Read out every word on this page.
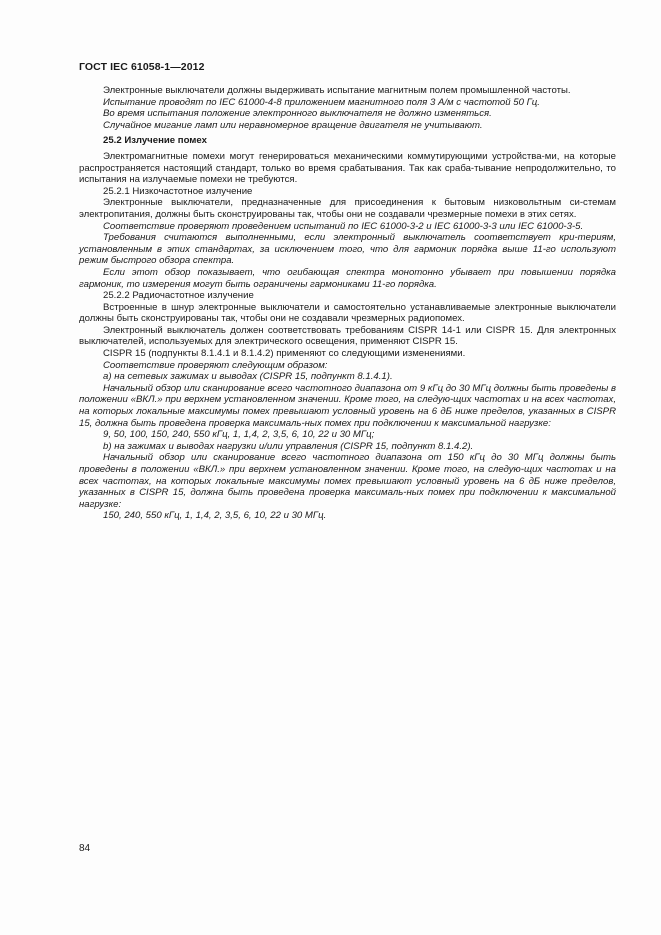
ГОСТ IEC 61058-1—2012

Электронные выключатели должны выдерживать испытание магнитным полем промышленной частоты.

Испытание проводят по IEC 61000-4-8 приложением магнитного поля 3 А/м с частотой 50 Гц.

Во время испытания положение электронного выключателя не должно изменяться.

Случайное мигание ламп или неравномерное вращение двигателя не учитывают.

25.2 Излучение помех

Электромагнитные помехи могут генерироваться механическими коммутирующими устройства-ми, на которые распространяется настоящий стандарт, только во время срабатывания. Так как сраба-тывание непродолжительно, то испытания на излучаемые помехи не требуются.

25.2.1 Низкочастотное излучение

Электронные выключатели, предназначенные для присоединения к бытовым низковольтным си-стемам электропитания, должны быть сконструированы так, чтобы они не создавали чрезмерные помехи в этих сетях.

Соответствие проверяют проведением испытаний по IEC 61000-3-2 и IEC 61000-3-3 или IEC 61000-3-5.

Требования считаются выполненными, если электронный выключатель соответствует кри-териям, установленным в этих стандартах, за исключением того, что для гармоник порядка выше 11-го используют режим быстрого обзора спектра.

Если этот обзор показывает, что огибающая спектра монотонно убывает при повышении порядка гармоник, то измерения могут быть ограничены гармониками 11-го порядка.

25.2.2 Радиочастотное излучение

Встроенные в шнур электронные выключатели и самостоятельно устанавливаемые электронные выключатели должны быть сконструированы так, чтобы они не создавали чрезмерных радиопомех.

Электронный выключатель должен соответствовать требованиям CISPR 14-1 или CISPR 15. Для электронных выключателей, используемых для электрического освещения, применяют CISPR 15.

CISPR 15 (подпункты 8.1.4.1 и 8.1.4.2) применяют со следующими изменениями.

Соответствие проверяют следующим образом:

а) на сетевых зажимах и выводах (CISPR 15, подпункт 8.1.4.1).

Начальный обзор или сканирование всего частотного диапазона от 9 кГц до 30 МГц должны быть проведены в положении «ВКЛ.» при верхнем установленном значении. Кроме того, на следую-щих частотах и на всех частотах, на которых локальные максимумы помех превышают условный уровень на 6 дБ ниже пределов, указанных в CISPR 15, должна быть проведена проверка максималь-ных помех при подключении к максимальной нагрузке:

9, 50, 100, 150, 240, 550 кГц, 1, 1,4, 2, 3,5, 6, 10, 22 и 30 МГц;

b) на зажимах и выводах нагрузки и/или управления (CISPR 15, подпункт 8.1.4.2).

Начальный обзор или сканирование всего частотного диапазона от 150 кГц до 30 МГц должны быть проведены в положении «ВКЛ.» при верхнем установленном значении. Кроме того, на следую-щих частотах и на всех частотах, на которых локальные максимумы помех превышают условный уровень на 6 дБ ниже пределов, указанных в CISPR 15, должна быть проведена проверка максималь-ных помех при подключении к максимальной нагрузке:

150, 240, 550 кГц, 1, 1,4, 2, 3,5, 6, 10, 22 и 30 МГц.

84
